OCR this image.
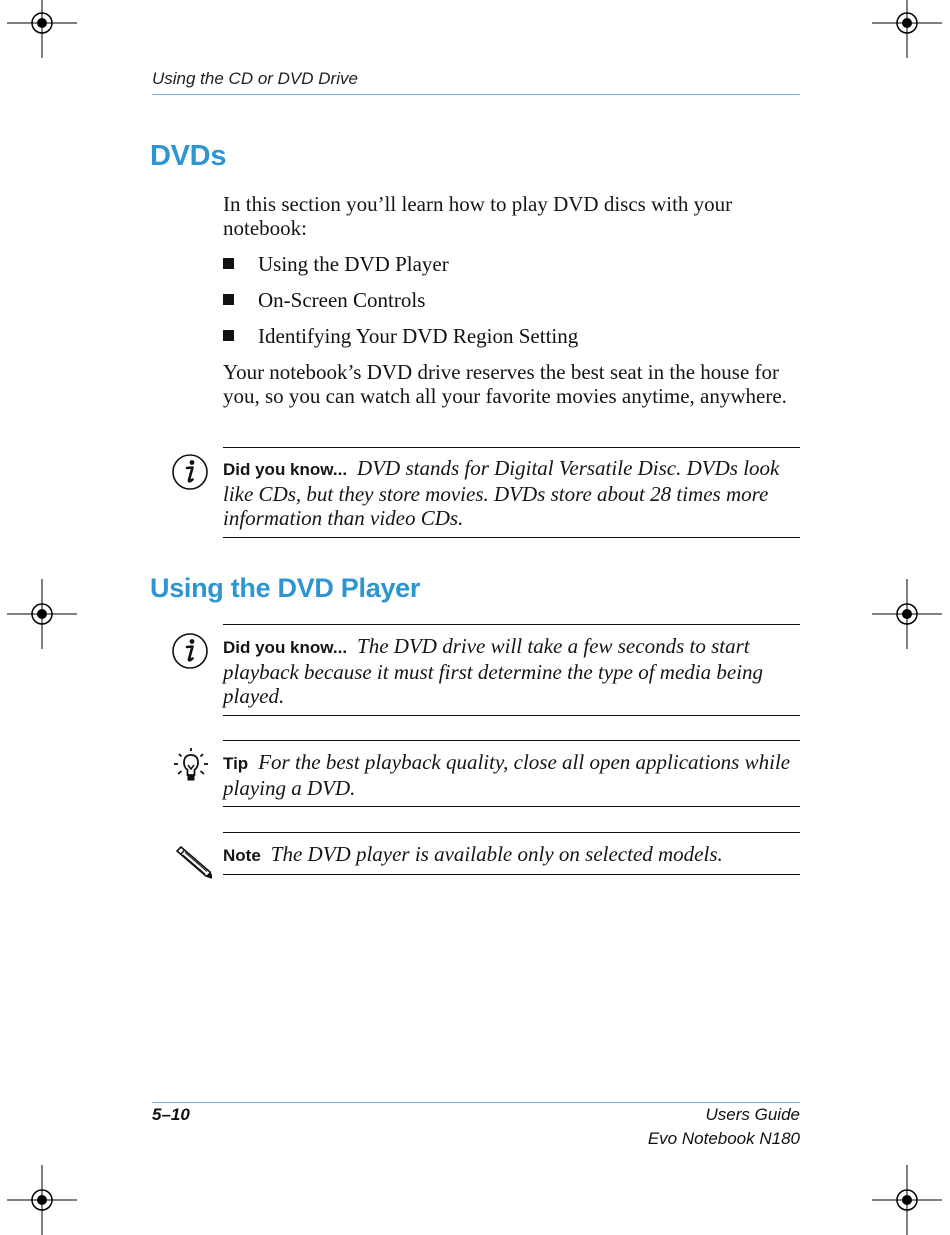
Using the CD or DVD Drive
DVDs
In this section you’ll learn how to play DVD discs with your notebook:
Using the DVD Player
On-Screen Controls
Identifying Your DVD Region Setting
Your notebook’s DVD drive reserves the best seat in the house for you, so you can watch all your favorite movies anytime, anywhere.
Did you know... DVD stands for Digital Versatile Disc. DVDs look like CDs, but they store movies. DVDs store about 28 times more information than video CDs.
Using the DVD Player
Did you know... The DVD drive will take a few seconds to start playback because it must first determine the type of media being played.
Tip For the best playback quality, close all open applications while playing a DVD.
Note The DVD player is available only on selected models.
5–10	Users Guide
Evo Notebook N180
